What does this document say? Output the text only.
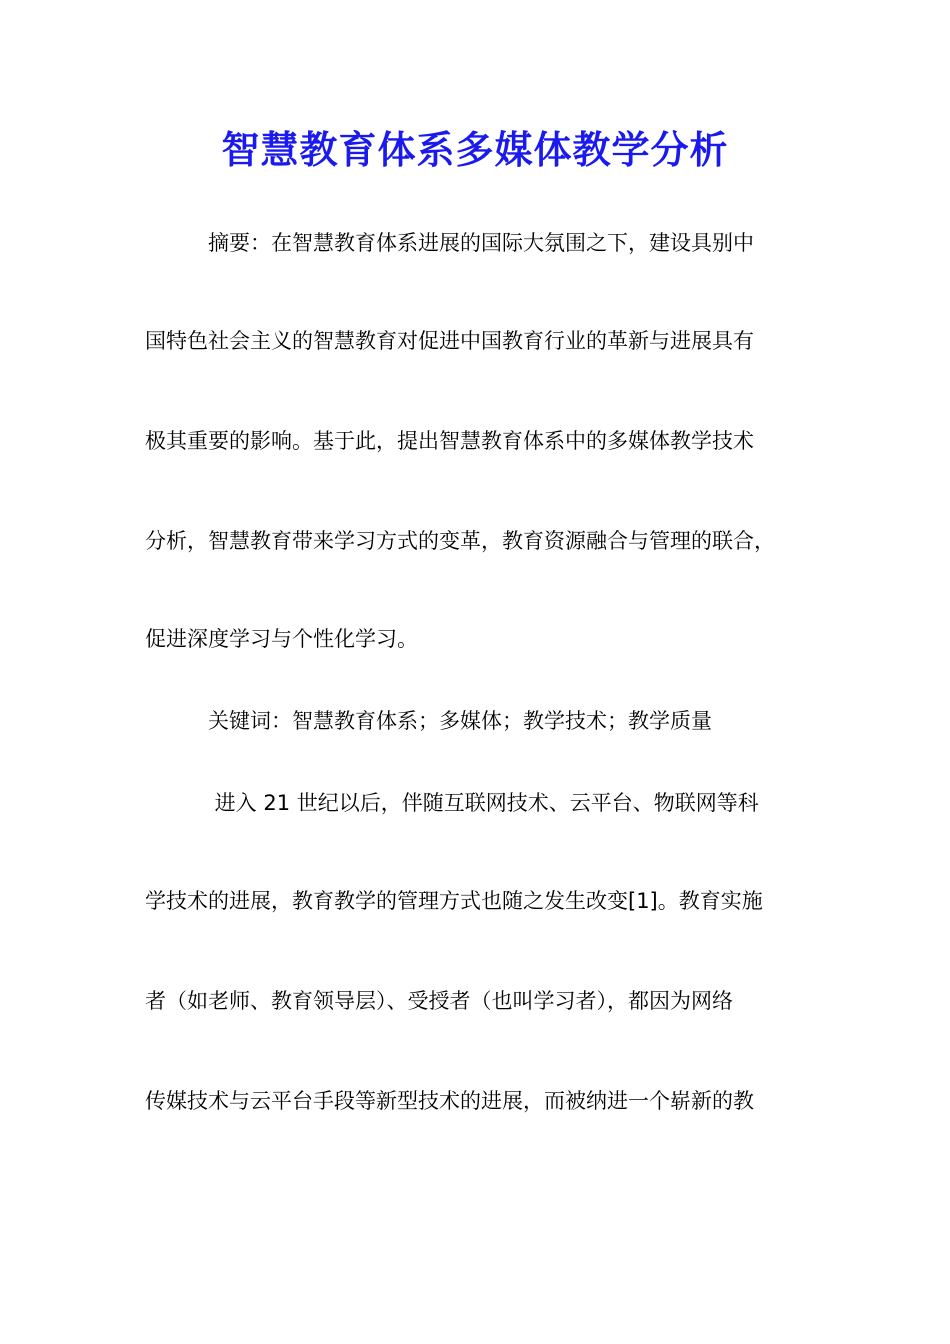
智慧教育体系多媒体教学分析
　　　摘要：在智慧教育体系进展的国际大氛围之下，建设具别中
国特色社会主义的智慧教育对促进中国教育行业的革新与进展具有
极其重要的影响。基于此，提出智慧教育体系中的多媒体教学技术
分析，智慧教育带来学习方式的变革，教育资源融合与管理的联合，
促进深度学习与个性化学习。
　　　关键词：智慧教育体系；多媒体；教学技术；教学质量
　　　 进入 21 世纪以后，伴随互联网技术、云平台、物联网等科
学技术的进展，教育教学的管理方式也随之发生改变[1]。教育实施
者（如老师、教育领导层）、受授者（也叫学习者），都因为网络
传媒技术与云平台手段等新型技术的进展，而被纳进一个崭新的教
